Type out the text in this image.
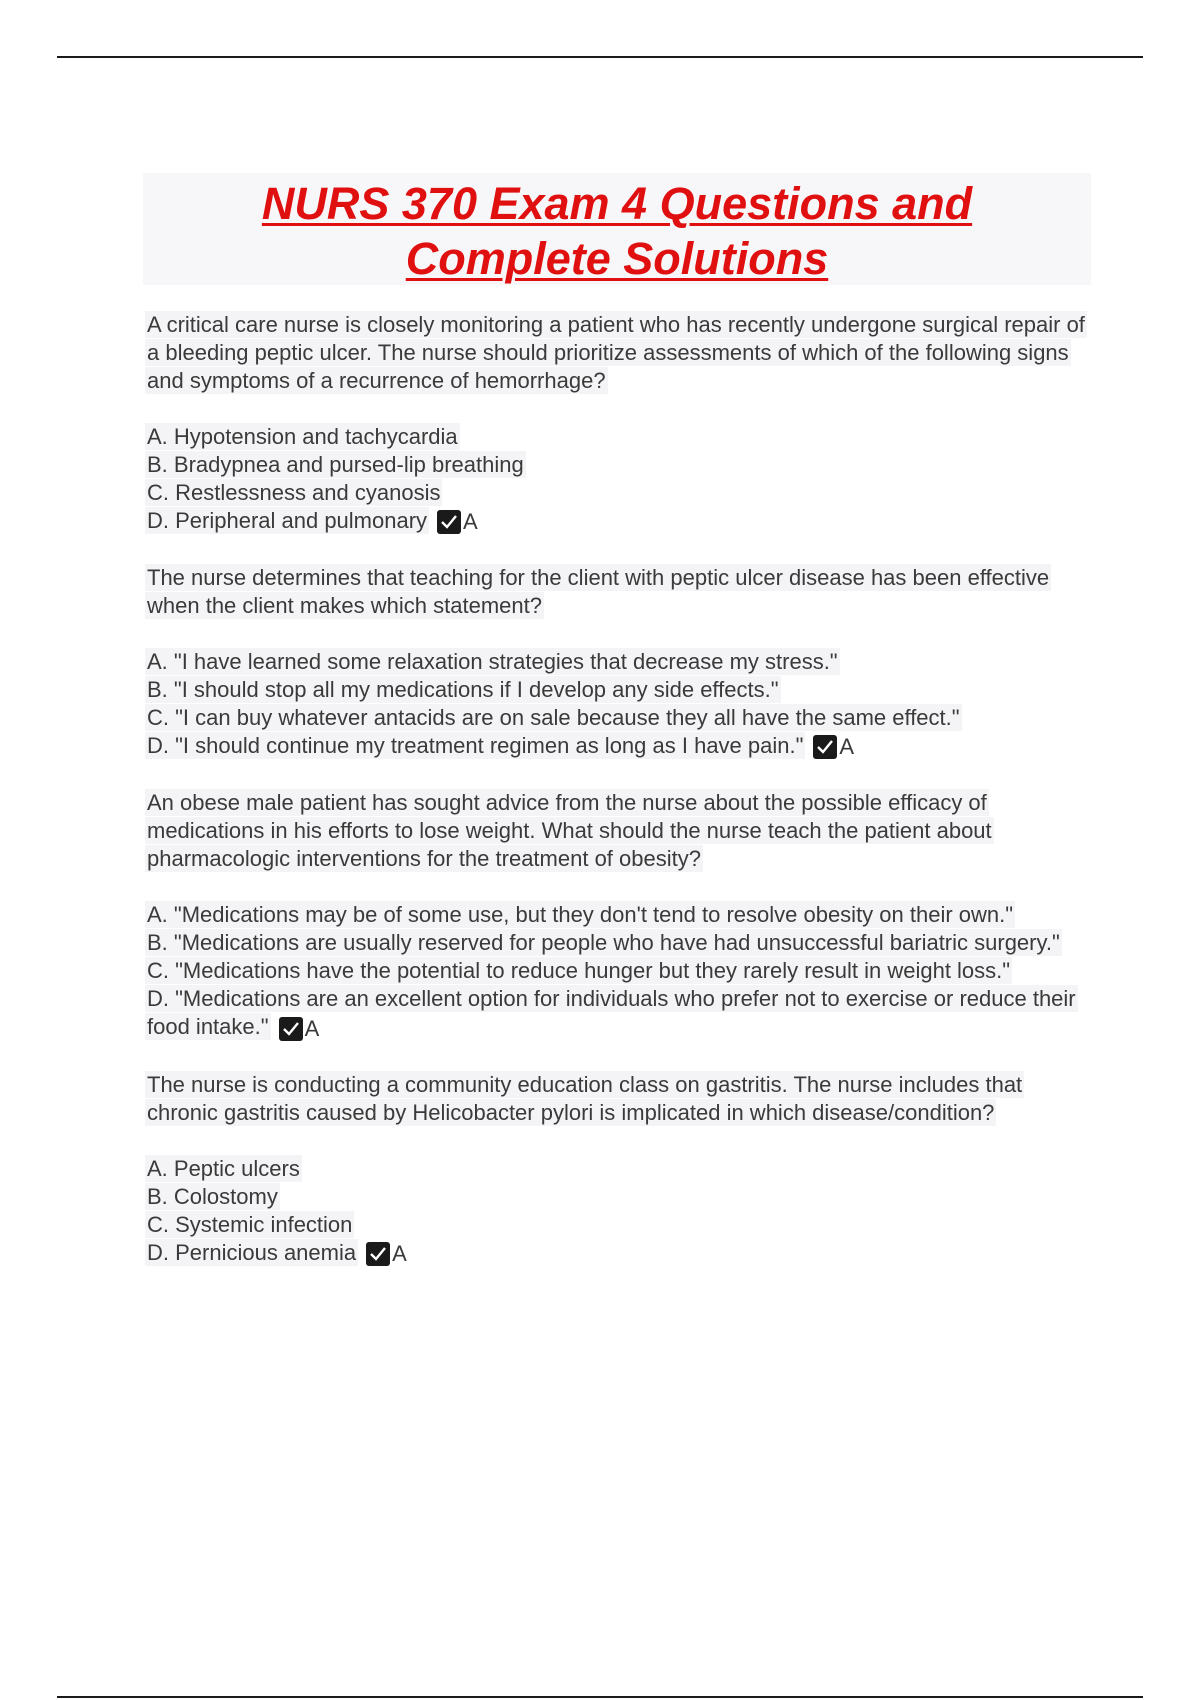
NURS 370 Exam 4 Questions and
Complete Solutions

A critical care nurse is closely monitoring a patient who has recently undergone surgical repair of a bleeding peptic ulcer. The nurse should prioritize assessments of which of the following signs and symptoms of a recurrence of hemorrhage?

A. Hypotension and tachycardia
B. Bradypnea and pursed-lip breathing
C. Restlessness and cyanosis
D. Peripheral and pulmonary A

The nurse determines that teaching for the client with peptic ulcer disease has been effective when the client makes which statement?

A. "I have learned some relaxation strategies that decrease my stress."
B. "I should stop all my medications if I develop any side effects."
C. "I can buy whatever antacids are on sale because they all have the same effect."
D. "I should continue my treatment regimen as long as I have pain." A

An obese male patient has sought advice from the nurse about the possible efficacy of medications in his efforts to lose weight. What should the nurse teach the patient about pharmacologic interventions for the treatment of obesity?

A. "Medications may be of some use, but they don't tend to resolve obesity on their own."
B. "Medications are usually reserved for people who have had unsuccessful bariatric surgery."
C. "Medications have the potential to reduce hunger but they rarely result in weight loss."
D. "Medications are an excellent option for individuals who prefer not to exercise or reduce their food intake." A

The nurse is conducting a community education class on gastritis. The nurse includes that chronic gastritis caused by Helicobacter pylori is implicated in which disease/condition?

A. Peptic ulcers
B. Colostomy
C. Systemic infection
D. Pernicious anemia A
